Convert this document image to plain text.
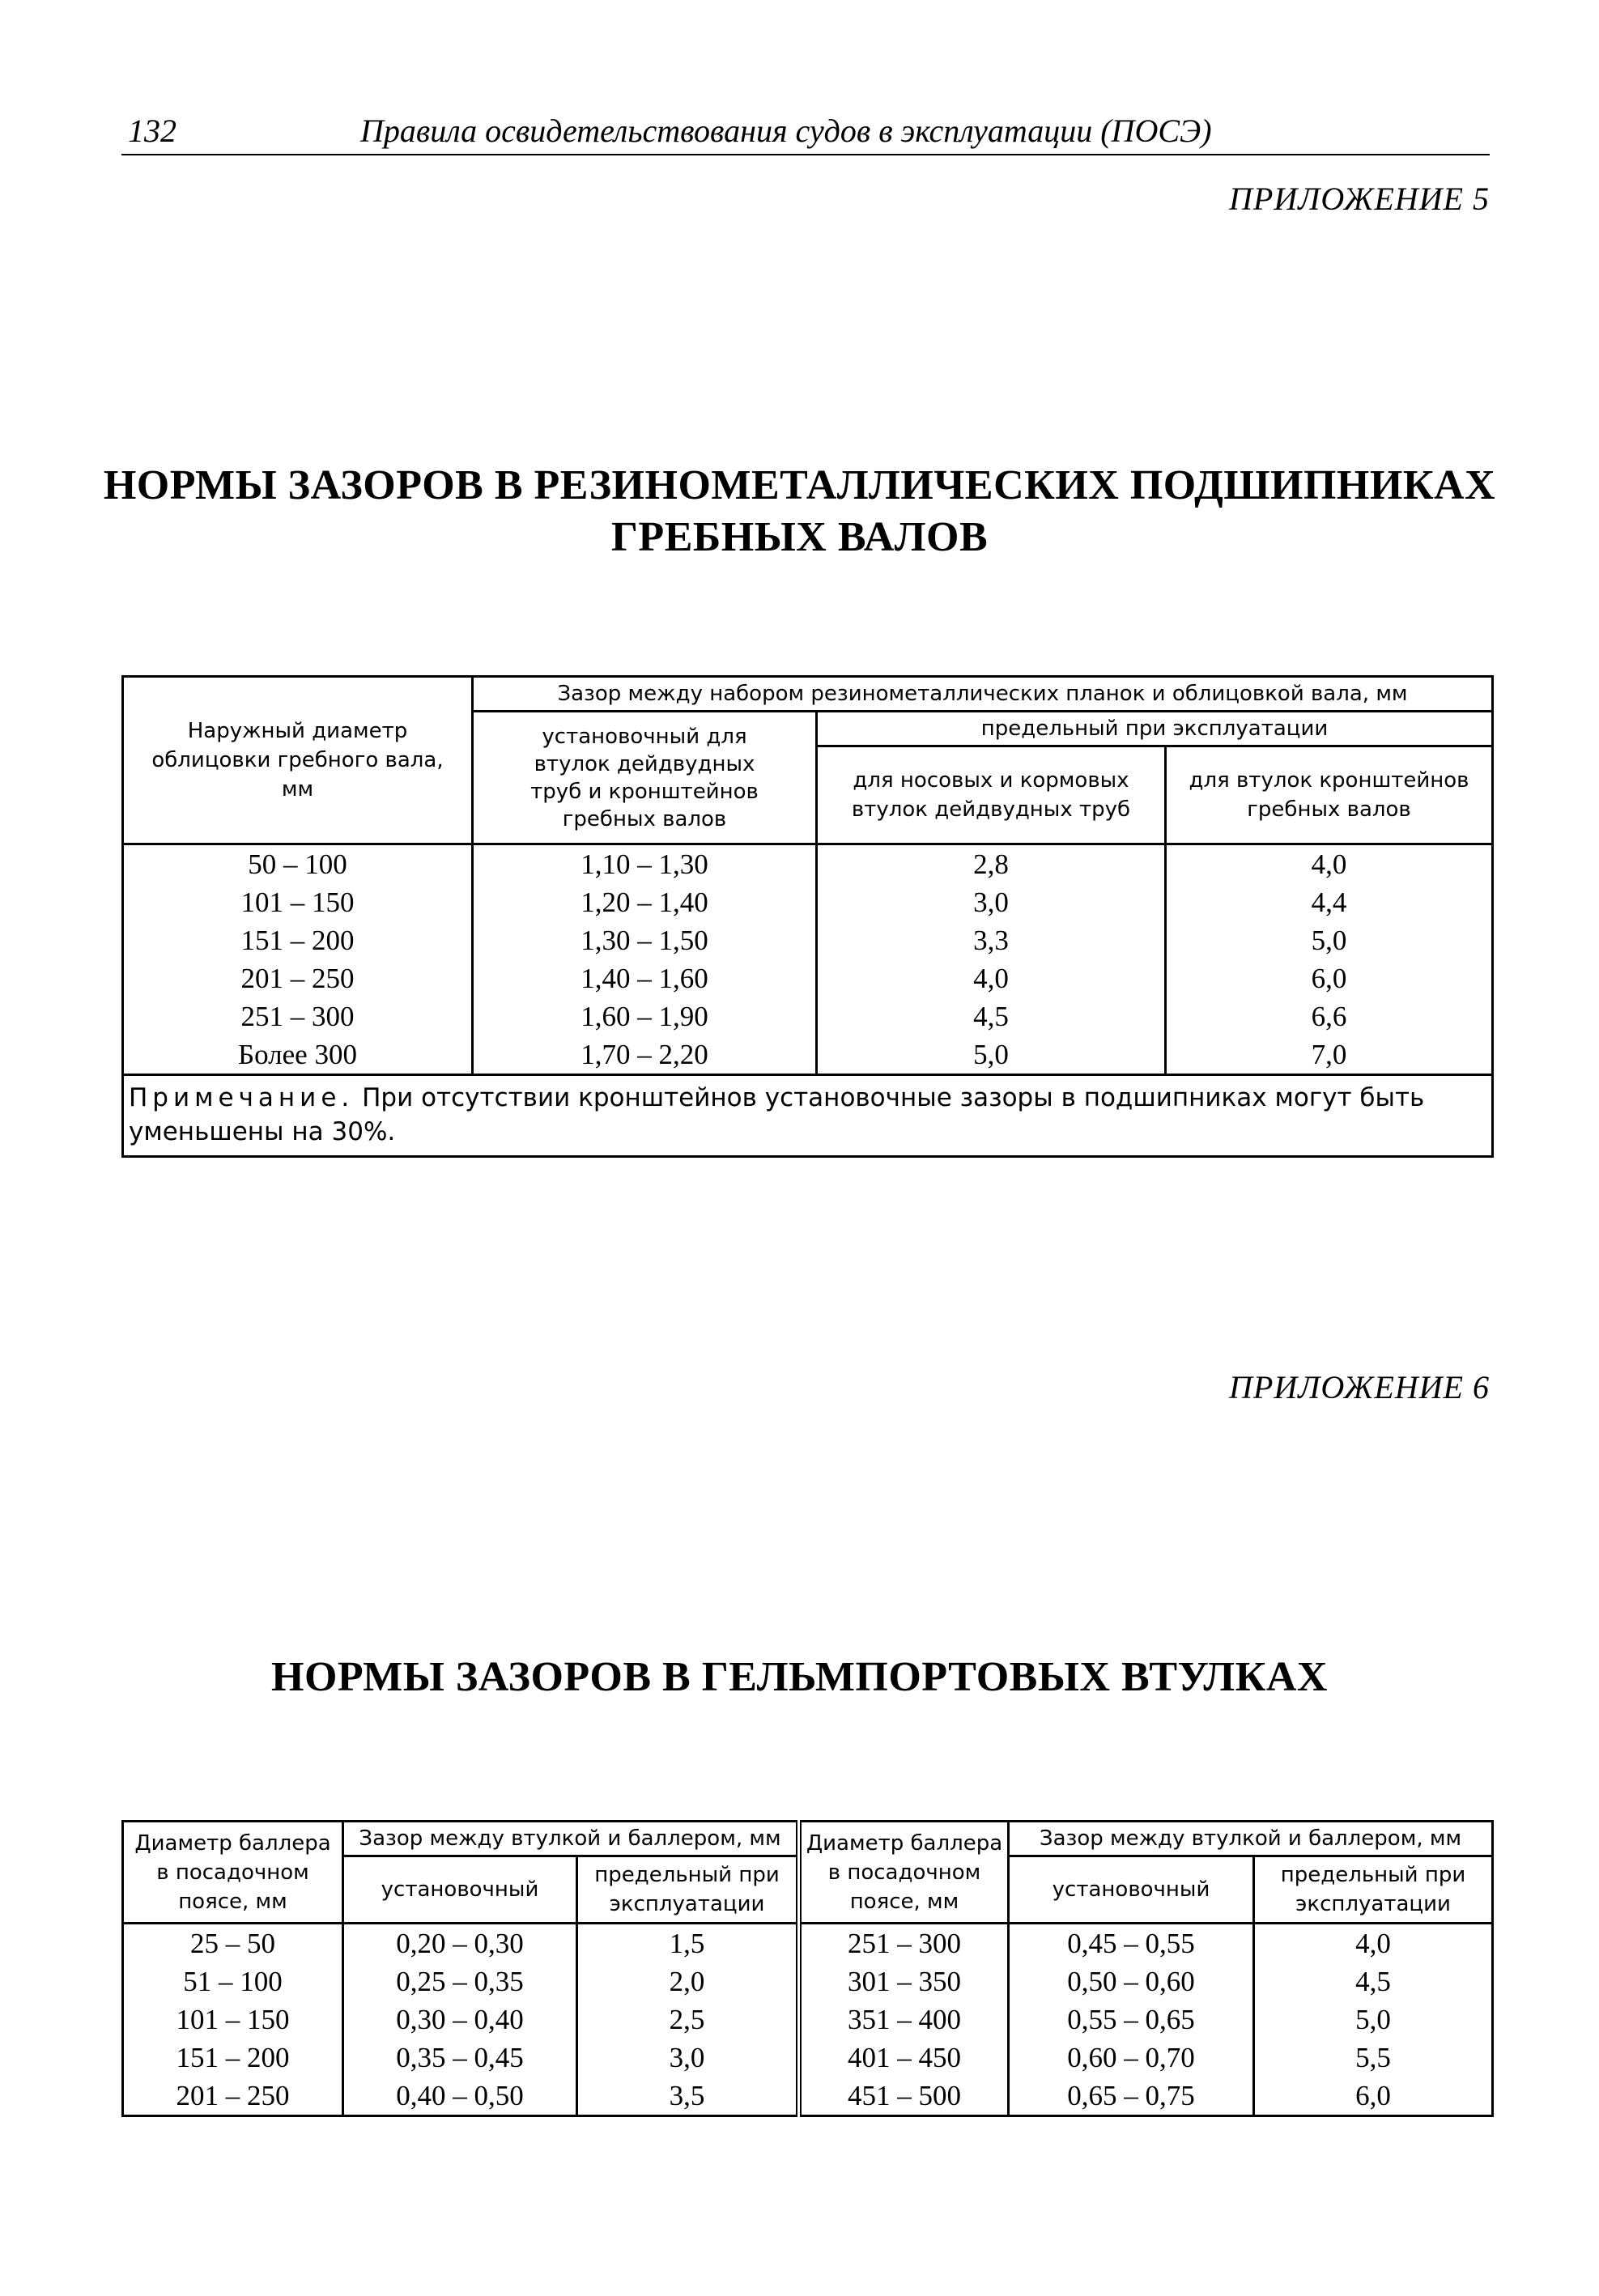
132	Правила освидетельствования судов в эксплуатации (ПОСЭ)
ПРИЛОЖЕНИЕ 5
НОРМЫ ЗАЗОРОВ В РЕЗИНОМЕТАЛЛИЧЕСКИХ ПОДШИПНИКАХ
ГРЕБНЫХ ВАЛОВ
Наружный диаметр облицовки гребного вала, мм	Зазор между набором резинометаллических планок и облицовкой вала, мм		
	установочный для втулок дейдвудных труб и кронштейнов гребных валов	предельный при эксплуатации	
		для носовых и кормовых втулок дейдвудных труб	для втулок кронштейнов гребных валов
50 – 100	1,10 – 1,30	2,8	4,0
101 – 150	1,20 – 1,40	3,0	4,4
151 – 200	1,30 – 1,50	3,3	5,0
201 – 250	1,40 – 1,60	4,0	6,0
251 – 300	1,60 – 1,90	4,5	6,6
Более 300	1,70 – 2,20	5,0	7,0
Примечание. При отсутствии кронштейнов установочные зазоры в подшипниках могут быть уменьшены на 30%.			
ПРИЛОЖЕНИЕ 6
НОРМЫ ЗАЗОРОВ В ГЕЛЬМПОРТОВЫХ ВТУЛКАХ
Диаметр баллера в посадочном поясе, мм	Зазор между втулкой и баллером, мм		Диаметр баллера в посадочном поясе, мм	Зазор между втулкой и баллером, мм	
	установочный	предельный при эксплуатации		установочный	предельный при эксплуатации
25 – 50	0,20 – 0,30	1,5	251 – 300	0,45 – 0,55	4,0
51 – 100	0,25 – 0,35	2,0	301 – 350	0,50 – 0,60	4,5
101 – 150	0,30 – 0,40	2,5	351 – 400	0,55 – 0,65	5,0
151 – 200	0,35 – 0,45	3,0	401 – 450	0,60 – 0,70	5,5
201 – 250	0,40 – 0,50	3,5	451 – 500	0,65 – 0,75	6,0
